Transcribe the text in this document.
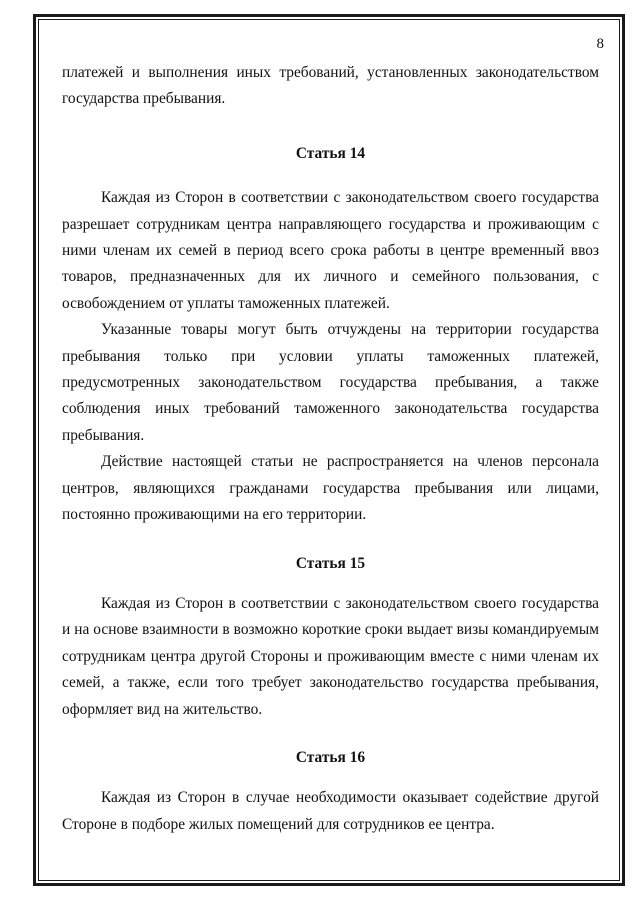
8

платежей и выполнения иных требований, установленных законодательством государства пребывания.

Статья 14

Каждая из Сторон в соответствии с законодательством своего государства разрешает сотрудникам центра направляющего государства и проживающим с ними членам их семей в период всего срока работы в центре временный ввоз товаров, предназначенных для их личного и семейного пользования, с освобождением от уплаты таможенных платежей.

Указанные товары могут быть отчуждены на территории государства пребывания только при условии уплаты таможенных платежей, предусмотренных законодательством государства пребывания, а также соблюдения иных требований таможенного законодательства государства пребывания.

Действие настоящей статьи не распространяется на членов персонала центров, являющихся гражданами государства пребывания или лицами, постоянно проживающими на его территории.

Статья 15

Каждая из Сторон в соответствии с законодательством своего государства и на основе взаимности в возможно короткие сроки выдает визы командируемым сотрудникам центра другой Стороны и проживающим вместе с ними членам их семей, а также, если того требует законодательство государства пребывания, оформляет вид на жительство.

Статья 16

Каждая из Сторон в случае необходимости оказывает содействие другой Стороне в подборе жилых помещений для сотрудников ее центра.
